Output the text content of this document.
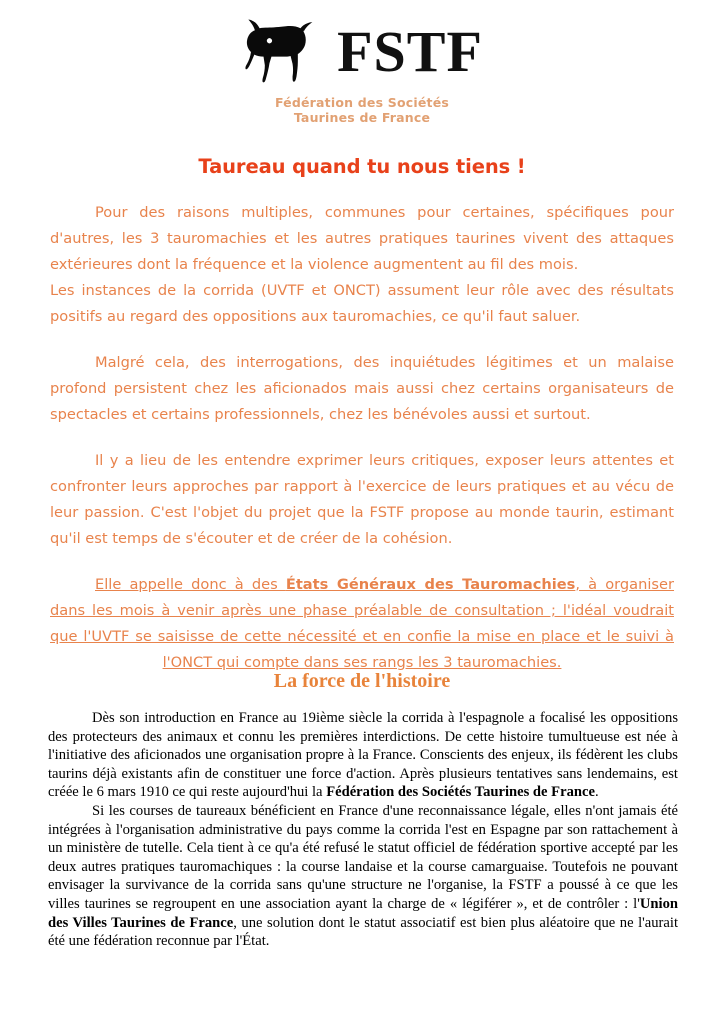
FSTF
Fédération des Sociétés
Taurines de France
Taureau quand tu nous tiens !

Pour des raisons multiples, communes pour certaines, spécifiques pour d'autres, les 3 tauromachies et les autres pratiques taurines vivent des attaques extérieures dont la fréquence et la violence augmentent au fil des mois.

Les instances de la corrida (UVTF et ONCT) assument leur rôle avec des résultats positifs au regard des oppositions aux tauromachies, ce qu'il faut saluer.

Malgré cela, des interrogations, des inquiétudes légitimes et un malaise profond persistent chez les aficionados mais aussi chez certains organisateurs de spectacles et certains professionnels, chez les bénévoles aussi et surtout.

Il y a lieu de les entendre exprimer leurs critiques, exposer leurs attentes et confronter leurs approches par rapport à l'exercice de leurs pratiques et au vécu de leur passion. C'est l'objet du projet que la FSTF propose au monde taurin, estimant qu'il est temps de s'écouter et de créer de la cohésion.

Elle appelle donc à des États Généraux des Tauromachies, à organiser dans les mois à venir après une phase préalable de consultation ; l'idéal voudrait que l'UVTF se saisisse de cette nécessité et en confie la mise en place et le suivi à l'ONCT qui compte dans ses rangs les 3 tauromachies.

La force de l'histoire

Dès son introduction en France au 19ième siècle la corrida à l'espagnole a focalisé les oppositions des protecteurs des animaux et connu les premières interdictions. De cette histoire tumultueuse est née à l'initiative des aficionados une organisation propre à la France. Conscients des enjeux, ils fédèrent les clubs taurins déjà existants afin de constituer une force d'action. Après plusieurs tentatives sans lendemains, est créée le 6 mars 1910 ce qui reste aujourd'hui la Fédération des Sociétés Taurines de France.

Si les courses de taureaux bénéficient en France d'une reconnaissance légale, elles n'ont jamais été intégrées à l'organisation administrative du pays comme la corrida l'est en Espagne par son rattachement à un ministère de tutelle. Cela tient à ce qu'a été refusé le statut officiel de fédération sportive accepté par les deux autres pratiques tauromachiques : la course landaise et la course camarguaise. Toutefois ne pouvant envisager la survivance de la corrida sans qu'une structure ne l'organise, la FSTF a poussé à ce que les villes taurines se regroupent en une association ayant la charge de « légiférer », et de contrôler : l'Union des Villes Taurines de France, une solution dont le statut associatif est bien plus aléatoire que ne l'aurait été une fédération reconnue par l'État.
